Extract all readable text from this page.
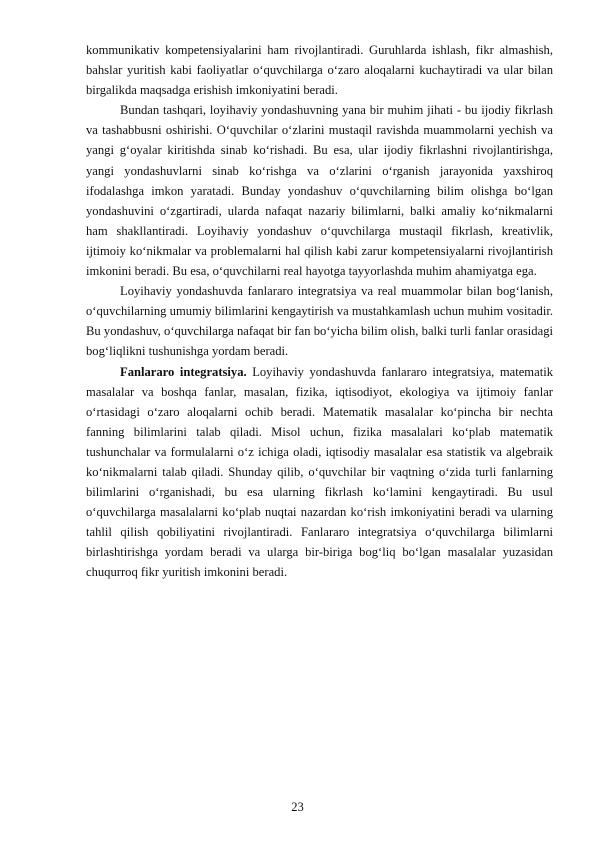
kommunikativ kompetensiyalarini ham rivojlantiradi. Guruhlarda ishlash, fikr almashish, bahslar yuritish kabi faoliyatlar o‘quvchilarga o‘zaro aloqalarni kuchaytiradi va ular bilan birgalikda maqsadga erishish imkoniyatini beradi.

Bundan tashqari, loyihaviy yondashuvning yana bir muhim jihati - bu ijodiy fikrlash va tashabbusni oshirishi. O‘quvchilar o‘zlarini mustaqil ravishda muammolarni yechish va yangi g‘oyalar kiritishda sinab ko‘rishadi. Bu esa, ular ijodiy fikrlashni rivojlantirishga, yangi yondashuvlarni sinab ko‘rishga va o‘zlarini o‘rganish jarayonida yaxshiroq ifodalashga imkon yaratadi. Bunday yondashuv o‘quvchilarning bilim olishga bo‘lgan yondashuvini o‘zgartiradi, ularda nafaqat nazariy bilimlarni, balki amaliy ko‘nikmalarni ham shakllantiradi. Loyihaviy yondashuv o‘quvchilarga mustaqil fikrlash, kreativlik, ijtimoiy ko‘nikmalar va problemalarni hal qilish kabi zarur kompetensiyalarni rivojlantirish imkonini beradi. Bu esa, o‘quvchilarni real hayotga tayyorlashda muhim ahamiyatga ega.

Loyihaviy yondashuvda fanlararo integratsiya va real muammolar bilan bog‘lanish, o‘quvchilarning umumiy bilimlarini kengaytirish va mustahkamlash uchun muhim vositadir. Bu yondashuv, o‘quvchilarga nafaqat bir fan bo‘yicha bilim olish, balki turli fanlar orasidagi bog‘liqlikni tushunishga yordam beradi.

Fanlararo integratsiya. Loyihaviy yondashuvda fanlararo integratsiya, matematik masalalar va boshqa fanlar, masalan, fizika, iqtisodiyot, ekologiya va ijtimoiy fanlar o‘rtasidagi o‘zaro aloqalarni ochib beradi. Matematik masalalar ko‘pincha bir nechta fanning bilimlarini talab qiladi. Misol uchun, fizika masalalari ko‘plab matematik tushunchalar va formulalarni o‘z ichiga oladi, iqtisodiy masalalar esa statistik va algebraik ko‘nikmalarni talab qiladi. Shunday qilib, o‘quvchilar bir vaqtning o‘zida turli fanlarning bilimlarini o‘rganishadi, bu esa ularning fikrlash ko‘lamini kengaytiradi. Bu usul o‘quvchilarga masalalarni ko‘plab nuqtai nazardan ko‘rish imkoniyatini beradi va ularning tahlil qilish qobiliyatini rivojlantiradi. Fanlararo integratsiya o‘quvchilarga bilimlarni birlashtirishga yordam beradi va ularga bir-biriga bog‘liq bo‘lgan masalalar yuzasidan chuqurroq fikr yuritish imkonini beradi.

23
